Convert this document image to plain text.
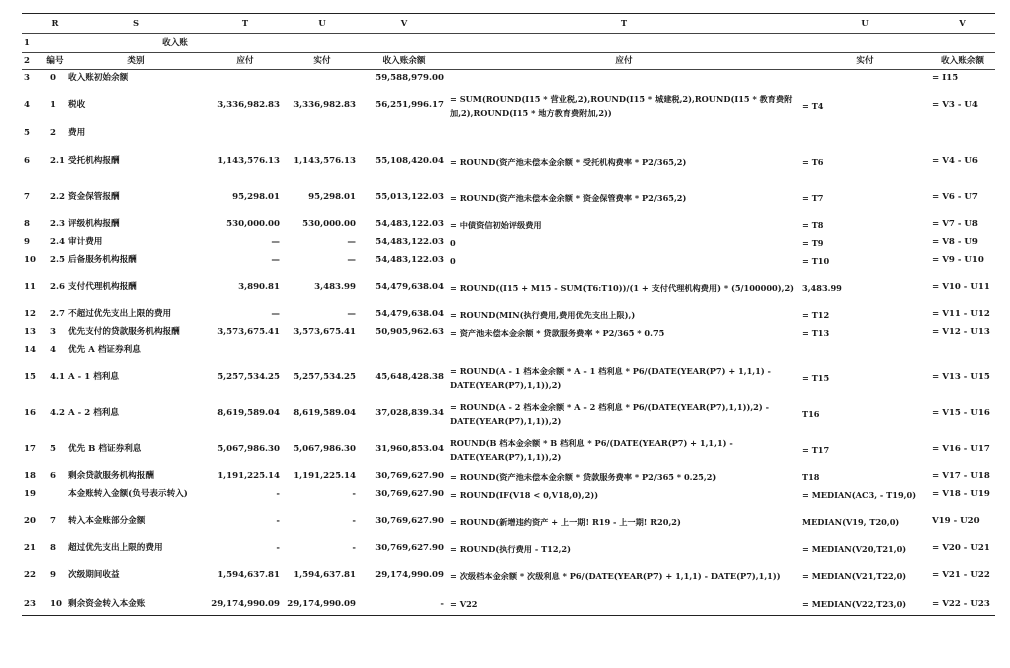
	R	S	T	U	V	T	U	V
1		收入账						
2	编号	类别	应付	实付	收入账余额	应付	实付	收入账余额
3	0	收入账初始余额			59,588,979.00			= I15
4	1	税收	3,336,982.83	3,336,982.83	56,251,996.17	= SUM(ROUND(I15 * 营业税,2),ROUND(I15 * 城建税,2),ROUND(I15 * 教育费附加,2),ROUND(I15 * 地方教育费附加,2))	= T4	= V3 - U4
5	2	费用						
6	2.1	受托机构报酬	1,143,576.13	1,143,576.13	55,108,420.04	= ROUND(资产池未偿本金余额 * 受托机构费率 * P2/365,2)	= T6	= V4 - U6
7	2.2	资金保管报酬	95,298.01	95,298.01	55,013,122.03	= ROUND(资产池未偿本金余额 * 资金保管费率 * P2/365,2)	= T7	= V6 - U7
8	2.3	评级机构报酬	530,000.00	530,000.00	54,483,122.03	= 中债资信初始评级费用	= T8	= V7 - U8
9	2.4	审计费用	—	—	54,483,122.03	0	= T9	= V8 - U9
10	2.5	后备服务机构报酬	—	—	54,483,122.03	0	= T10	= V9 - U10
11	2.6	支付代理机构报酬	3,890.81	3,483.99	54,479,638.04	= ROUND((I15 + M15 - SUM(T6:T10))/(1 + 支付代理机构费用) * (5/100000),2)	3,483.99	= V10 - U11
12	2.7	不超过优先支出上限的费用	—	—	54,479,638.04	= ROUND(MIN(执行费用,费用优先支出上限),)	= T12	= V11 - U12
13	3	优先支付的贷款服务机构报酬	3,573,675.41	3,573,675.41	50,905,962.63	= 资产池未偿本金余额 * 贷款服务费率 * P2/365 * 0.75	= T13	= V12 - U13
14	4	优先 A 档证券利息						
15	4.1	A - 1 档利息	5,257,534.25	5,257,534.25	45,648,428.38	= ROUND(A - 1 档本金余额 * A - 1 档利息 * P6/(DATE(YEAR(P7) + 1,1,1) - DATE(YEAR(P7),1,1)),2)	= T15	= V13 - U15
16	4.2	A - 2 档利息	8,619,589.04	8,619,589.04	37,028,839.34	= ROUND(A - 2 档本金余额 * A - 2 档利息 * P6/(DATE(YEAR(P7),1,1)),2) - DATE(YEAR(P7),1,1)),2)	T16	= V15 - U16
17	5	优先 B 档证券利息	5,067,986.30	5,067,986.30	31,960,853.04	ROUND(B 档本金余额 * B 档利息 * P6/(DATE(YEAR(P7) + 1,1,1) - DATE(YEAR(P7),1,1)),2)	= T17	= V16 - U17
18	6	剩余贷款服务机构报酬	1,191,225.14	1,191,225.14	30,769,627.90	= ROUND(资产池未偿本金余额 * 贷款服务费率 * P2/365 * 0.25,2)	T18	= V17 - U18
19		本金账转入金额(负号表示转入)	-	-	30,769,627.90	= ROUND(IF(V18 < 0,V18,0),2))	= MEDIAN(AC3, - T19,0)	= V18 - U19
20	7	转入本金账部分金额	-	-	30,769,627.90	= ROUND(新增违约资产 + 上一期! R19 - 上一期! R20,2)	MEDIAN(V19, T20,0)	V19 - U20
21	8	超过优先支出上限的费用	-	-	30,769,627.90	= ROUND(执行费用 - T12,2)	= MEDIAN(V20,T21,0)	= V20 - U21
22	9	次级期间收益	1,594,637.81	1,594,637.81	29,174,990.09	= 次级档本金余额 * 次级利息 * P6/(DATE(YEAR(P7) + 1,1,1) - DATE(P7),1,1))	= MEDIAN(V21,T22,0)	= V21 - U22
23	10	剩余资金转入本金账	29,174,990.09	29,174,990.09	-	= V22	= MEDIAN(V22,T23,0)	= V22 - U23
